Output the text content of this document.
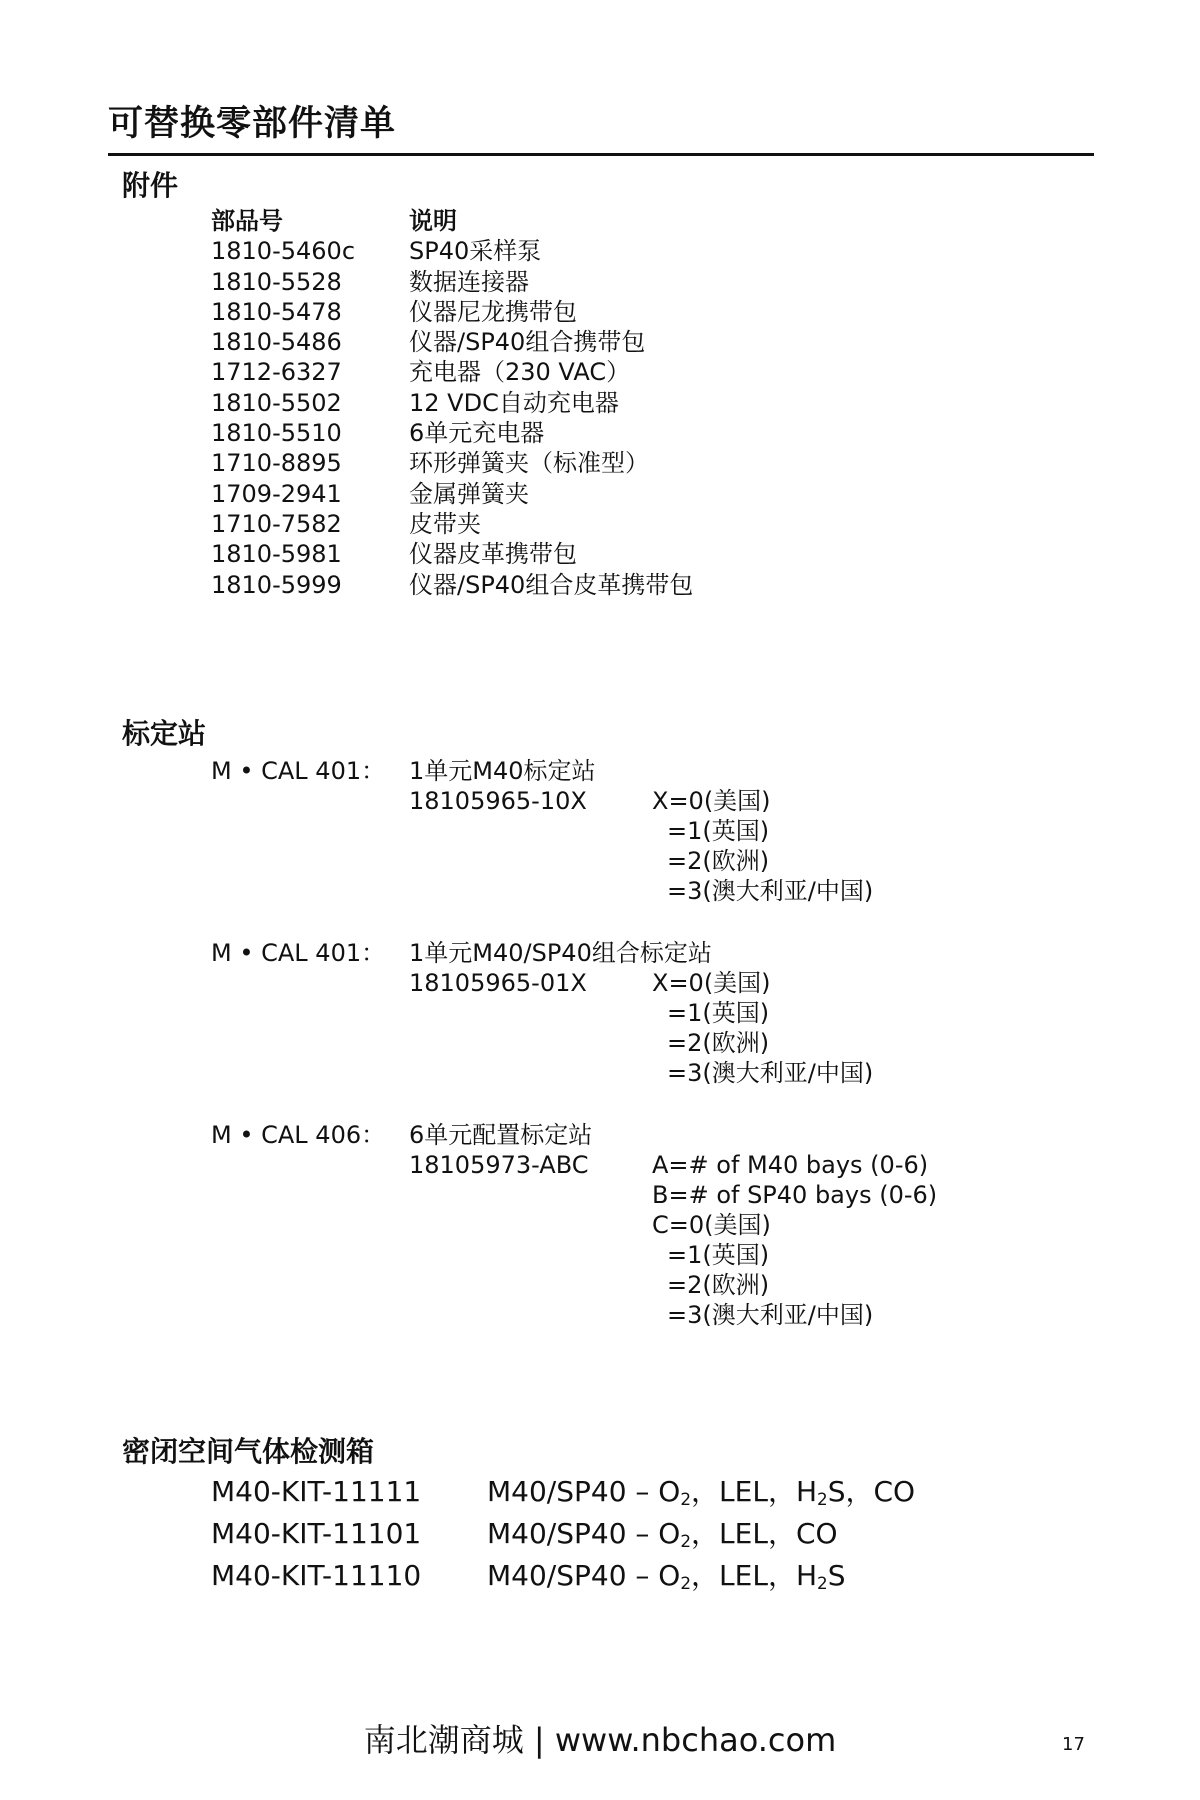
可替换零部件清单
附件
部品号	说明
1810-5460c	SP40采样泵
1810-5528	数据连接器
1810-5478	仪器尼龙携带包
1810-5486	仪器/SP40组合携带包
1712-6327	充电器（230 VAC）
1810-5502	12 VDC自动充电器
1810-5510	6单元充电器
1710-8895	环形弹簧夹（标准型）
1709-2941	金属弹簧夹
1710-7582	皮带夹
1810-5981	仪器皮革携带包
1810-5999	仪器/SP40组合皮革携带包
标定站
M • CAL 401： 1单元M40标定站
18105965-10X	X=0(美国)
=1(英国)
=2(欧洲)
=3(澳大利亚/中国)
M • CAL 401： 1单元M40/SP40组合标定站
18105965-01X	X=0(美国)
=1(英国)
=2(欧洲)
=3(澳大利亚/中国)
M • CAL 406： 6单元配置标定站
18105973-ABC	A=# of M40 bays (0-6)
B=# of SP40 bays (0-6)
C=0(美国)
=1(英国)
=2(欧洲)
=3(澳大利亚/中国)
密闭空间气体检测箱
M40-KIT-11111 $M40/SP40 - O_2$，LEL，$H_2S$，CO
M40-KIT-11101 $M40/SP40 - O_2$，LEL，CO
M40-KIT-11110 $M40/SP40 - O_2$，LEL，$H_2S$
南北潮商城 | www.nbchao.com	17
